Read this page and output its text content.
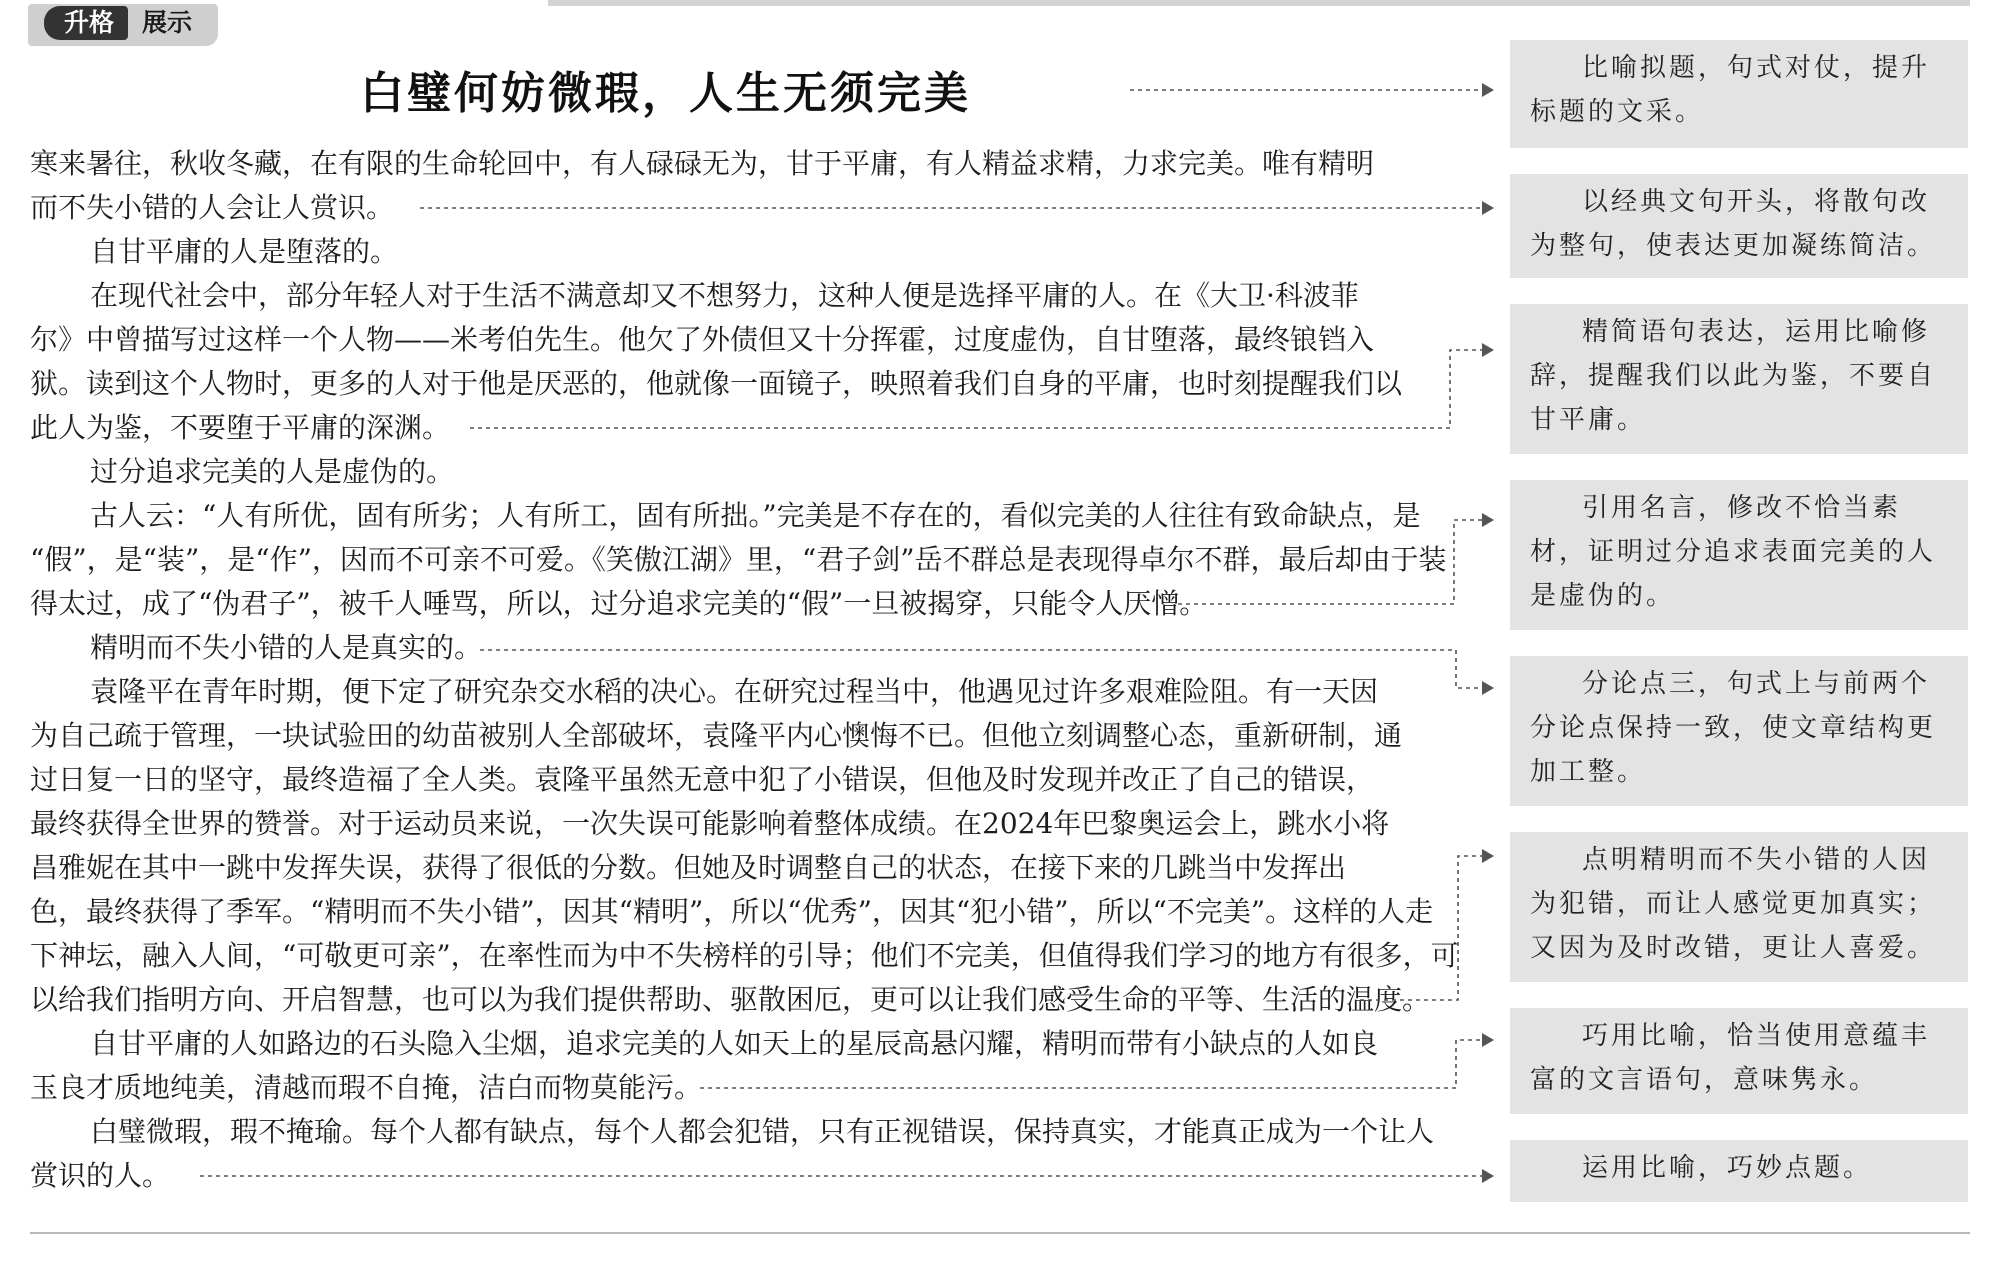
升格	展示
白璧何妨微瑕，人生无须完美
寒来暑往，秋收冬藏，在有限的生命轮回中，有人碌碌无为，甘于平庸，有人精益求精，力求完美。唯有精明
而不失小错的人会让人赏识。
自甘平庸的人是堕落的。
在现代社会中，部分年轻人对于生活不满意却又不想努力，这种人便是选择平庸的人。在《大卫·科波菲
尔》中曾描写过这样一个人物——米考伯先生。他欠了外债但又十分挥霍，过度虚伪，自甘堕落，最终锒铛入
狱。读到这个人物时，更多的人对于他是厌恶的，他就像一面镜子，映照着我们自身的平庸，也时刻提醒我们以
此人为鉴，不要堕于平庸的深渊。
过分追求完美的人是虚伪的。
古人云：“人有所优，固有所劣；人有所工，固有所拙。”完美是不存在的，看似完美的人往往有致命缺点，是
“假”，是“装”，是“作”，因而不可亲不可爱。《笑傲江湖》里，“君子剑”岳不群总是表现得卓尔不群，最后却由于装
得太过，成了“伪君子”，被千人唾骂，所以，过分追求完美的“假”一旦被揭穿，只能令人厌憎。
精明而不失小错的人是真实的。
袁隆平在青年时期，便下定了研究杂交水稻的决心。在研究过程当中，他遇见过许多艰难险阻。有一天因
为自己疏于管理，一块试验田的幼苗被别人全部破坏，袁隆平内心懊悔不已。但他立刻调整心态，重新研制，通
过日复一日的坚守，最终造福了全人类。袁隆平虽然无意中犯了小错误，但他及时发现并改正了自己的错误，
最终获得全世界的赞誉。对于运动员来说，一次失误可能影响着整体成绩。在2024年巴黎奥运会上，跳水小将
昌雅妮在其中一跳中发挥失误，获得了很低的分数。但她及时调整自己的状态，在接下来的几跳当中发挥出
色，最终获得了季军。“精明而不失小错”，因其“精明”，所以“优秀”，因其“犯小错”，所以“不完美”。这样的人走
下神坛，融入人间，“可敬更可亲”，在率性而为中不失榜样的引导；他们不完美，但值得我们学习的地方有很多，可
以给我们指明方向、开启智慧，也可以为我们提供帮助、驱散困厄，更可以让我们感受生命的平等、生活的温度。
自甘平庸的人如路边的石头隐入尘烟，追求完美的人如天上的星辰高悬闪耀，精明而带有小缺点的人如良
玉良才质地纯美，清越而瑕不自掩，洁白而物莫能污。
白璧微瑕，瑕不掩瑜。每个人都有缺点，每个人都会犯错，只有正视错误，保持真实，才能真正成为一个让人
赏识的人。
比喻拟题，句式对仗，提升标题的文采。
以经典文句开头，将散句改为整句，使表达更加凝练简洁。
精简语句表达，运用比喻修辞，提醒我们以此为鉴，不要自甘平庸。
引用名言，修改不恰当素材，证明过分追求表面完美的人是虚伪的。
分论点三，句式上与前两个分论点保持一致，使文章结构更加工整。
点明精明而不失小错的人因为犯错，而让人感觉更加真实；又因为及时改错，更让人喜爱。
巧用比喻，恰当使用意蕴丰富的文言语句，意味隽永。
运用比喻，巧妙点题。
